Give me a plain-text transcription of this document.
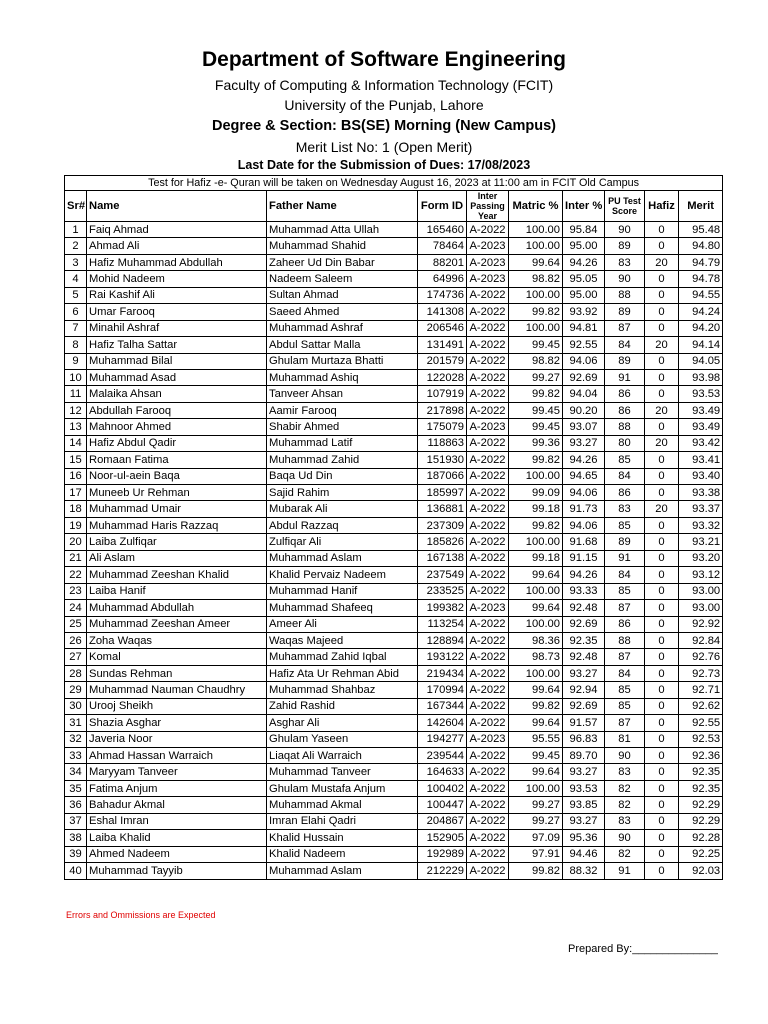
Department of Software Engineering
Faculty of Computing & Information Technology (FCIT)
University of the Punjab, Lahore
Degree & Section: BS(SE) Morning (New Campus)
Merit List No: 1 (Open Merit)
Last Date for the Submission of Dues: 17/08/2023
Test for Hafiz -e- Quran will be taken on Wednesday August 16, 2023 at 11:00 am in FCIT Old Campus									
Sr#	Name	Father Name	Form ID	Inter Passing Year	Matric %	Inter %	PU Test Score	Hafiz	Merit
1	Faiq Ahmad	Muhammad Atta Ullah	165460	A-2022	100.00	95.84	90	0	95.48
2	Ahmad Ali	Muhammad Shahid	78464	A-2023	100.00	95.00	89	0	94.80
3	Hafiz Muhammad Abdullah	Zaheer Ud Din Babar	88201	A-2023	99.64	94.26	83	20	94.79
4	Mohid Nadeem	Nadeem Saleem	64996	A-2023	98.82	95.05	90	0	94.78
5	Rai Kashif Ali	Sultan Ahmad	174736	A-2022	100.00	95.00	88	0	94.55
6	Umar Farooq	Saeed Ahmed	141308	A-2022	99.82	93.92	89	0	94.24
7	Minahil Ashraf	Muhammad Ashraf	206546	A-2022	100.00	94.81	87	0	94.20
8	Hafiz Talha Sattar	Abdul Sattar Malla	131491	A-2022	99.45	92.55	84	20	94.14
9	Muhammad Bilal	Ghulam Murtaza Bhatti	201579	A-2022	98.82	94.06	89	0	94.05
10	Muhammad Asad	Muhammad Ashiq	122028	A-2022	99.27	92.69	91	0	93.98
11	Malaika Ahsan	Tanveer Ahsan	107919	A-2022	99.82	94.04	86	0	93.53
12	Abdullah Farooq	Aamir Farooq	217898	A-2022	99.45	90.20	86	20	93.49
13	Mahnoor Ahmed	Shabir Ahmed	175079	A-2023	99.45	93.07	88	0	93.49
14	Hafiz Abdul Qadir	Muhammad Latif	118863	A-2022	99.36	93.27	80	20	93.42
15	Romaan Fatima	Muhammad Zahid	151930	A-2022	99.82	94.26	85	0	93.41
16	Noor-ul-aein Baqa	Baqa Ud Din	187066	A-2022	100.00	94.65	84	0	93.40
17	Muneeb Ur Rehman	Sajid Rahim	185997	A-2022	99.09	94.06	86	0	93.38
18	Muhammad Umair	Mubarak Ali	136881	A-2022	99.18	91.73	83	20	93.37
19	Muhammad Haris Razzaq	Abdul Razzaq	237309	A-2022	99.82	94.06	85	0	93.32
20	Laiba Zulfiqar	Zulfiqar Ali	185826	A-2022	100.00	91.68	89	0	93.21
21	Ali Aslam	Muhammad Aslam	167138	A-2022	99.18	91.15	91	0	93.20
22	Muhammad Zeeshan Khalid	Khalid Pervaiz Nadeem	237549	A-2022	99.64	94.26	84	0	93.12
23	Laiba Hanif	Muhammad Hanif	233525	A-2022	100.00	93.33	85	0	93.00
24	Muhammad Abdullah	Muhammad Shafeeq	199382	A-2023	99.64	92.48	87	0	93.00
25	Muhammad Zeeshan Ameer	Ameer Ali	113254	A-2022	100.00	92.69	86	0	92.92
26	Zoha Waqas	Waqas Majeed	128894	A-2022	98.36	92.35	88	0	92.84
27	Komal	Muhammad Zahid Iqbal	193122	A-2022	98.73	92.48	87	0	92.76
28	Sundas Rehman	Hafiz Ata Ur Rehman Abid	219434	A-2022	100.00	93.27	84	0	92.73
29	Muhammad Nauman Chaudhry	Muhammad Shahbaz	170994	A-2022	99.64	92.94	85	0	92.71
30	Urooj Sheikh	Zahid Rashid	167344	A-2022	99.82	92.69	85	0	92.62
31	Shazia Asghar	Asghar Ali	142604	A-2022	99.64	91.57	87	0	92.55
32	Javeria Noor	Ghulam Yaseen	194277	A-2023	95.55	96.83	81	0	92.53
33	Ahmad Hassan Warraich	Liaqat Ali Warraich	239544	A-2022	99.45	89.70	90	0	92.36
34	Maryyam Tanveer	Muhammad Tanveer	164633	A-2022	99.64	93.27	83	0	92.35
35	Fatima Anjum	Ghulam Mustafa Anjum	100402	A-2022	100.00	93.53	82	0	92.35
36	Bahadur Akmal	Muhammad Akmal	100447	A-2022	99.27	93.85	82	0	92.29
37	Eshal Imran	Imran Elahi Qadri	204867	A-2022	99.27	93.27	83	0	92.29
38	Laiba Khalid	Khalid Hussain	152905	A-2022	97.09	95.36	90	0	92.28
39	Ahmed Nadeem	Khalid Nadeem	192989	A-2022	97.91	94.46	82	0	92.25
40	Muhammad Tayyib	Muhammad Aslam	212229	A-2022	99.82	88.32	91	0	92.03
Errors and Ommissions are Expected
Prepared By:______________
